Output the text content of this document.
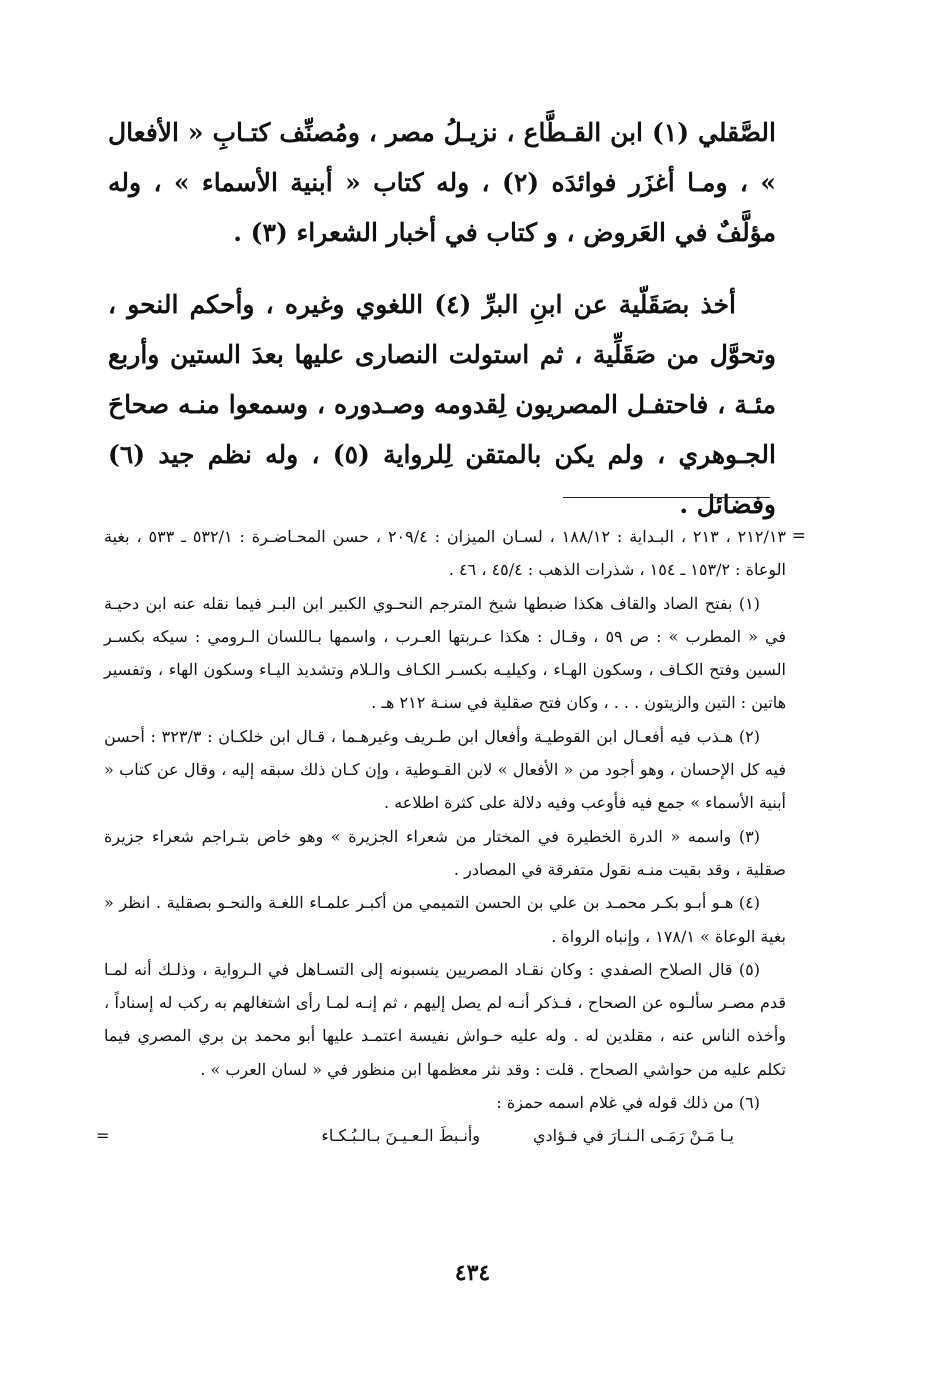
الصَّقلي (١) ابن القـطَّاع ، نزيـلُ مصر ، ومُصنِّف كتـابِ « الأفعال » ، ومـا أغزَر فوائدَه (٢) ، وله كتاب « أبنية الأسماء » ، وله مؤلَّفٌ في العَروض ، و كتاب في أخبار الشعراء (٣) .

أخذ بصَقَلّية عن ابنِ البرِّ (٤) اللغوي وغيره ، وأحكم النحو ، وتحوَّل من صَقَلِّية ، ثم استولت النصارى عليها بعدَ الستين وأربع مئـة ، فاحتفـل المصريون لِقدومه وصـدوره ، وسمعوا منـه صحاحَ الجـوهري ، ولم يكن بالمتقن لِلرواية (٥) ، وله نظم جيد (٦) وفضائل .

=

٢١٢/١٣ ، ٢١٣ ، البـداية : ١٨٨/١٢ ، لسـان الميزان : ٢٠٩/٤ ، حسن المحـاضـرة : ٥٣٢/١ ـ ٥٣٣ ، بغية الوعاة : ١٥٣/٢ ـ ١٥٤ ، شذرات الذهب : ٤٥/٤ ، ٤٦ .

(١) بفتح الصاد والقاف هكذا ضبطها شيخ المترجم النحـوي الكبير ابن البـر فيما نقله عنه ابن دحيـة في « المطرب » : ص ٥٩ ، وقـال : هكذا عـربتها العـرب ، واسمها بـاللسان الـرومي : سيكه بكسـر السين وفتح الكـاف ، وسكون الهـاء ، وكيليـه بكسـر الكـاف والـلام وتشديد اليـاء وسكون الهاء ، وتفسير هاتين : التين والزيتون . . . ، وكان فتح صقلية في سنـة ٢١٢ هـ .

(٢) هـذب فيه أفعـال ابن القوطيـة وأفعال ابن طـريف وغيرهـما ، قـال ابن خلكـان : ٣٢٣/٣ : أحسن فيه كل الإحسان ، وهو أجود من « الأفعال » لابن القـوطية ، وإن كـان ذلك سبقه إليه ، وقال عن كتاب « أبنية الأسماء » جمع فيه فأوعب وفيه دلالة على كثرة اطلاعه .

(٣) واسمه « الدرة الخطيرة في المختار من شعراء الجزيرة » وهو خاص بتـراجم شعراء جزيرة صقلية ، وقد بقيت منـه نقول متفرقة في المصادر .

(٤) هـو أبـو بكـر محمـد بن علي بن الحسن التميمي من أكبـر علمـاء اللغـة والنحـو بصقلية . انظر « بغية الوعاة » ١٧٨/١ ، وإنباه الرواة .

(٥) قال الصلاح الصفدي : وكان نقـاد المصريين ينسبونه إلى التسـاهل في الـرواية ، وذلـك أنه لمـا قدم مصـر سألـوه عن الصحاح ، فـذكر أنـه لم يصل إليهم ، ثم إنـه لمـا رأى اشتغالهم به ركب له إسناداً ، وأخذه الناس عنه ، مقلدين له . وله عليه حـواش نفيسة اعتمـد عليها أبو محمد بن بري المصري فيما تكلم عليه من حواشي الصحاح . قلت : وقد نثر معظمها ابن منظور في « لسان العرب » .

(٦) من ذلك قوله في غلام اسمه حمزة :

يـا مَـنْ رَمَـى الـنـارَ في فـؤادي
وأنـبطَ الـعـيـنَ بـالـبُـكـاء
=
٤٣٤
